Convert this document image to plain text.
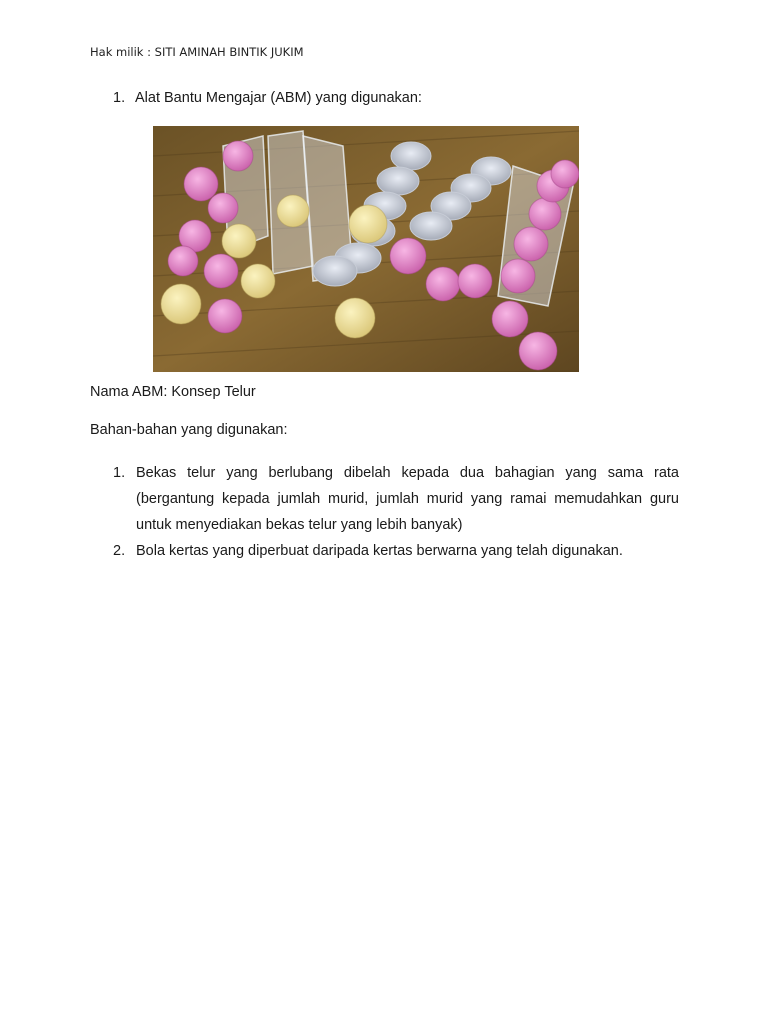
Hak milik : SITI AMINAH BINTIK JUKIM
1. Alat Bantu Mengajar (ABM) yang digunakan:
Nama ABM: Konsep Telur
Bahan-bahan yang digunakan:
1. Bekas telur yang berlubang dibelah kepada dua bahagian yang sama rata (bergantung kepada jumlah murid, jumlah murid yang ramai memudahkan guru untuk menyediakan bekas telur yang lebih banyak)
2. Bola kertas yang diperbuat daripada kertas berwarna yang telah digunakan.
